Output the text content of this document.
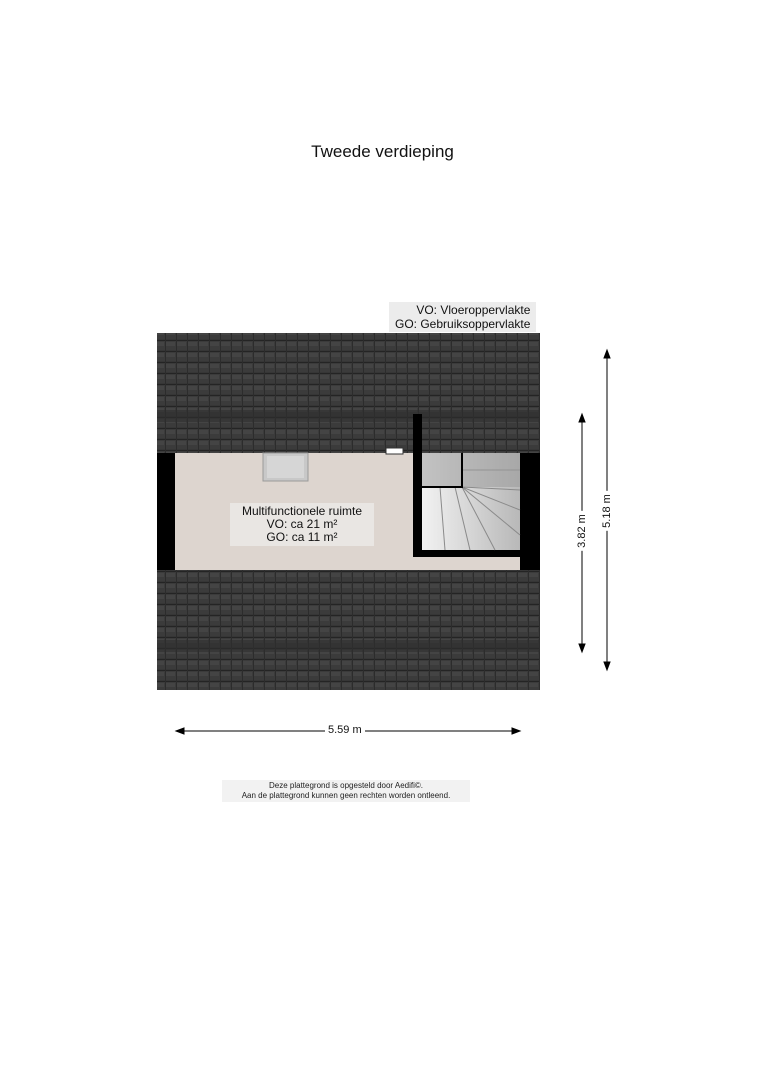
Tweede verdieping
VO: Vloeroppervlakte
GO: Gebruiksoppervlakte
Multifunctionele ruimte
VO: ca 21 m²
GO: ca 11 m²
5.59 m
3.82 m
5.18 m
Deze plattegrond is opgesteld door Aedifi©.
Aan de plattegrond kunnen geen rechten worden ontleend.
